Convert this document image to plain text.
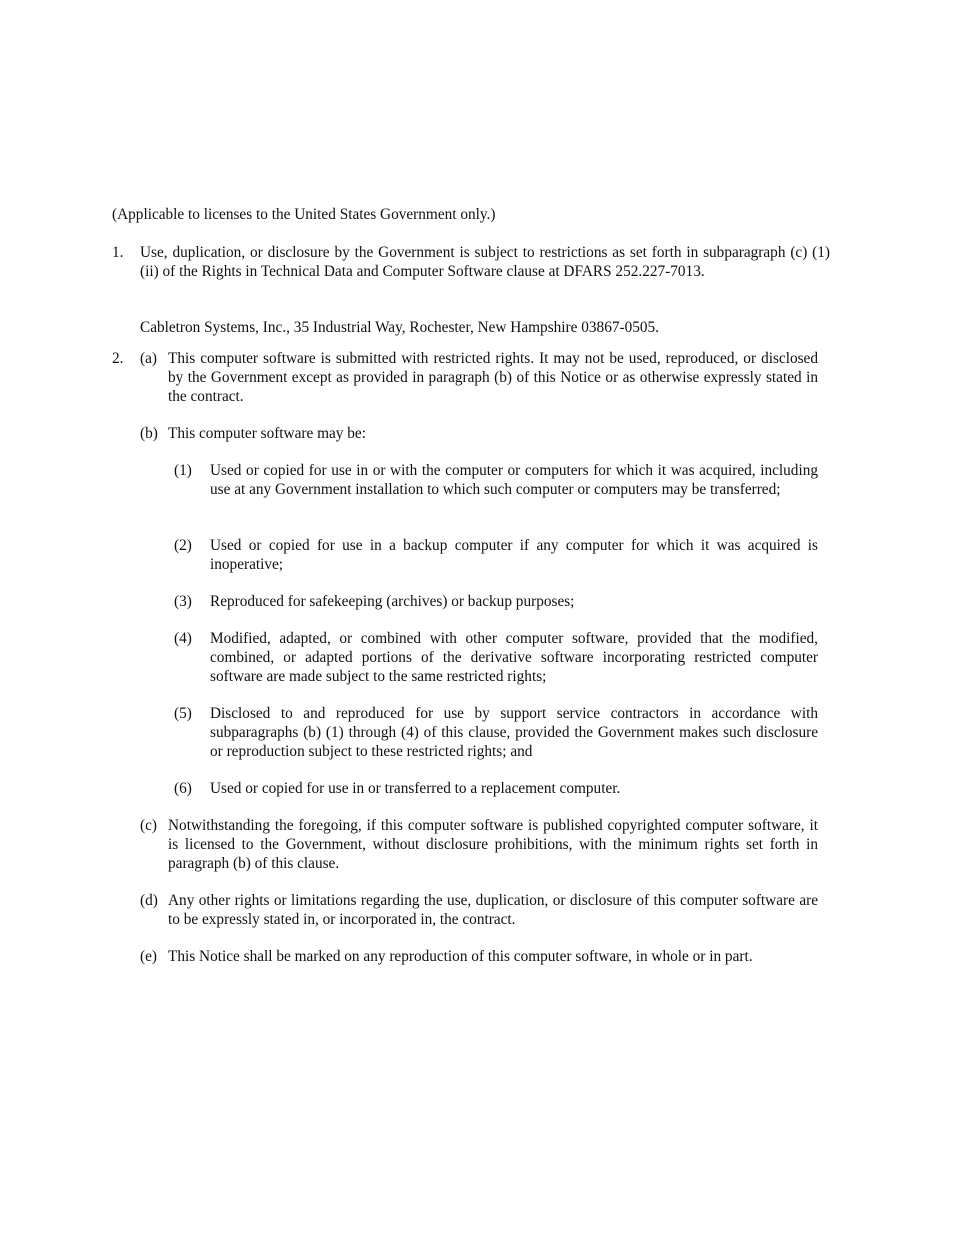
(Applicable to licenses to the United States Government only.)
1. Use, duplication, or disclosure by the Government is subject to restrictions as set forth in subparagraph (c) (1) (ii) of the Rights in Technical Data and Computer Software clause at DFARS 252.227-7013.
Cabletron Systems, Inc., 35 Industrial Way, Rochester, New Hampshire 03867-0505.
2. (a) This computer software is submitted with restricted rights. It may not be used, reproduced, or disclosed by the Government except as provided in paragraph (b) of this Notice or as otherwise expressly stated in the contract.
(b) This computer software may be:
(1) Used or copied for use in or with the computer or computers for which it was acquired, including use at any Government installation to which such computer or computers may be transferred;
(2) Used or copied for use in a backup computer if any computer for which it was acquired is inoperative;
(3) Reproduced for safekeeping (archives) or backup purposes;
(4) Modified, adapted, or combined with other computer software, provided that the modified, combined, or adapted portions of the derivative software incorporating restricted computer software are made subject to the same restricted rights;
(5) Disclosed to and reproduced for use by support service contractors in accordance with subparagraphs (b) (1) through (4) of this clause, provided the Government makes such disclosure or reproduction subject to these restricted rights; and
(6) Used or copied for use in or transferred to a replacement computer.
(c) Notwithstanding the foregoing, if this computer software is published copyrighted computer software, it is licensed to the Government, without disclosure prohibitions, with the minimum rights set forth in paragraph (b) of this clause.
(d) Any other rights or limitations regarding the use, duplication, or disclosure of this computer software are to be expressly stated in, or incorporated in, the contract.
(e) This Notice shall be marked on any reproduction of this computer software, in whole or in part.
